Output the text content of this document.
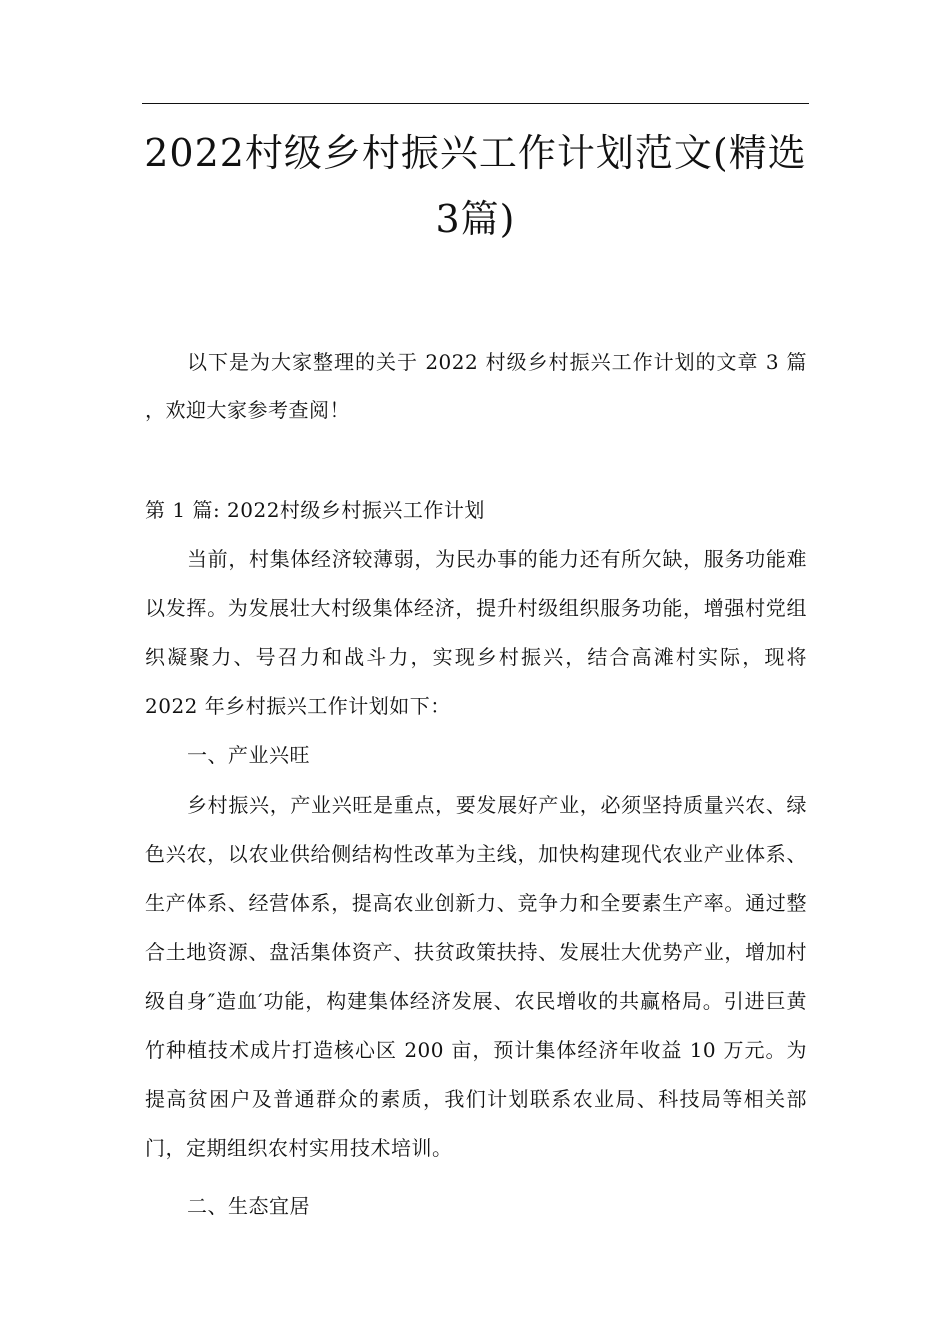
2022村级乡村振兴工作计划范文(精选3篇)

以下是为大家整理的关于 2022 村级乡村振兴工作计划的文章 3 篇 ，欢迎大家参考查阅！

第 1 篇: 2022村级乡村振兴工作计划

当前，村集体经济较薄弱，为民办事的能力还有所欠缺，服务功能难以发挥。为发展壮大村级集体经济，提升村级组织服务功能，增强村党组织凝聚力、号召力和战斗力，实现乡村振兴，结合高滩村实际，现将 2022 年乡村振兴工作计划如下：

一、产业兴旺

乡村振兴，产业兴旺是重点，要发展好产业，必须坚持质量兴农、绿色兴农，以农业供给侧结构性改革为主线，加快构建现代农业产业体系、生产体系、经营体系，提高农业创新力、竞争力和全要素生产率。通过整合土地资源、盘活集体资产、扶贫政策扶持、发展壮大优势产业，增加村级自身″造血′功能，构建集体经济发展、农民增收的共赢格局。引进巨黄竹种植技术成片打造核心区 200 亩，预计集体经济年收益 10 万元。为提高贫困户及普通群众的素质，我们计划联系农业局、科技局等相关部门，定期组织农村实用技术培训。

二、生态宜居
